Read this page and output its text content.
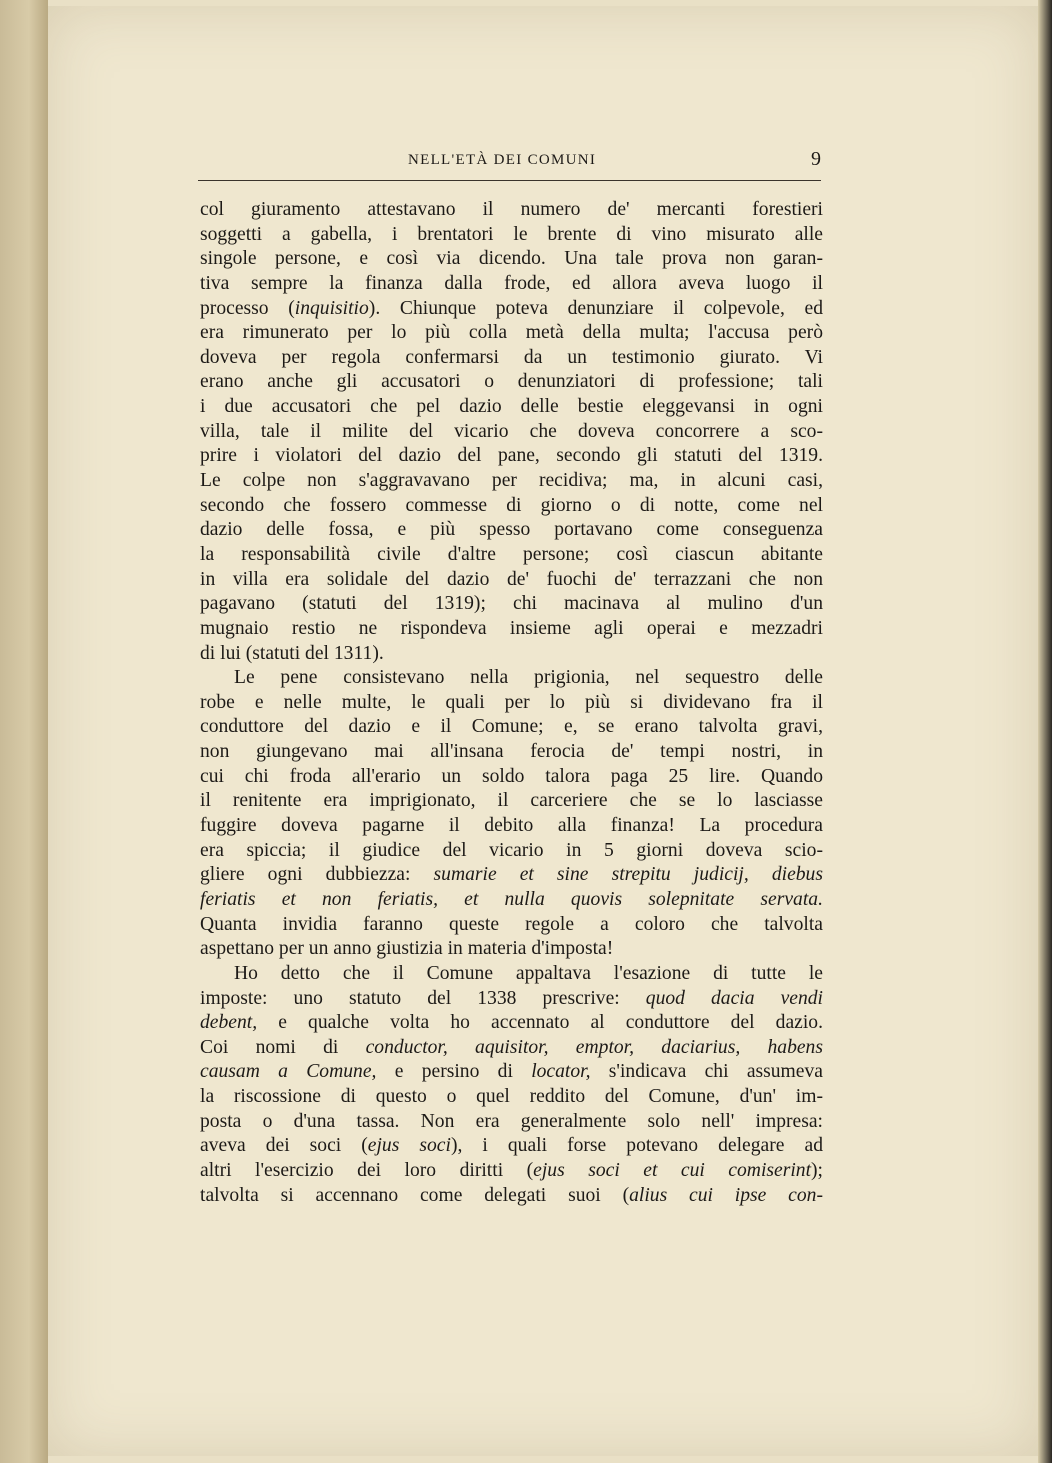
NELL'ETÀ DEI COMUNI	9
col giuramento attestavano il numero de' mercanti forestieri
soggetti a gabella, i brentatori le brente di vino misurato alle
singole persone, e così via dicendo. Una tale prova non garan-
tiva sempre la finanza dalla frode, ed allora aveva luogo il
processo (inquisitio). Chiunque poteva denunziare il colpevole, ed
era rimunerato per lo più colla metà della multa; l'accusa però
doveva per regola confermarsi da un testimonio giurato. Vi
erano anche gli accusatori o denunziatori di professione; tali
i due accusatori che pel dazio delle bestie eleggevansi in ogni
villa, tale il milite del vicario che doveva concorrere a sco-
prire i violatori del dazio del pane, secondo gli statuti del 1319.
Le colpe non s'aggravavano per recidiva; ma, in alcuni casi,
secondo che fossero commesse di giorno o di notte, come nel
dazio delle fossa, e più spesso portavano come conseguenza
la responsabilità civile d'altre persone; così ciascun abitante
in villa era solidale del dazio de' fuochi de' terrazzani che non
pagavano (statuti del 1319); chi macinava al mulino d'un
mugnaio restio ne rispondeva insieme agli operai e mezzadri
di lui (statuti del 1311).
Le pene consistevano nella prigionia, nel sequestro delle
robe e nelle multe, le quali per lo più si dividevano fra il
conduttore del dazio e il Comune; e, se erano talvolta gravi,
non giungevano mai all'insana ferocia de' tempi nostri, in
cui chi froda all'erario un soldo talora paga 25 lire. Quando
il renitente era imprigionato, il carceriere che se lo lasciasse
fuggire doveva pagarne il debito alla finanza! La procedura
era spiccia; il giudice del vicario in 5 giorni doveva scio-
gliere ogni dubbiezza: sumarie et sine strepitu judicij, diebus
feriatis et non feriatis, et nulla quovis solepnitate servata.
Quanta invidia faranno queste regole a coloro che talvolta
aspettano per un anno giustizia in materia d'imposta!
Ho detto che il Comune appaltava l'esazione di tutte le
imposte: uno statuto del 1338 prescrive: quod dacia vendi
debent, e qualche volta ho accennato al conduttore del dazio.
Coi nomi di conductor, aquisitor, emptor, daciarius, habens
causam a Comune, e persino di locator, s'indicava chi assumeva
la riscossione di questo o quel reddito del Comune, d'un' im-
posta o d'una tassa. Non era generalmente solo nell' impresa:
aveva dei soci (ejus soci), i quali forse potevano delegare ad
altri l'esercizio dei loro diritti (ejus soci et cui comiserint);
talvolta si accennano come delegati suoi (alius cui ipse con-
